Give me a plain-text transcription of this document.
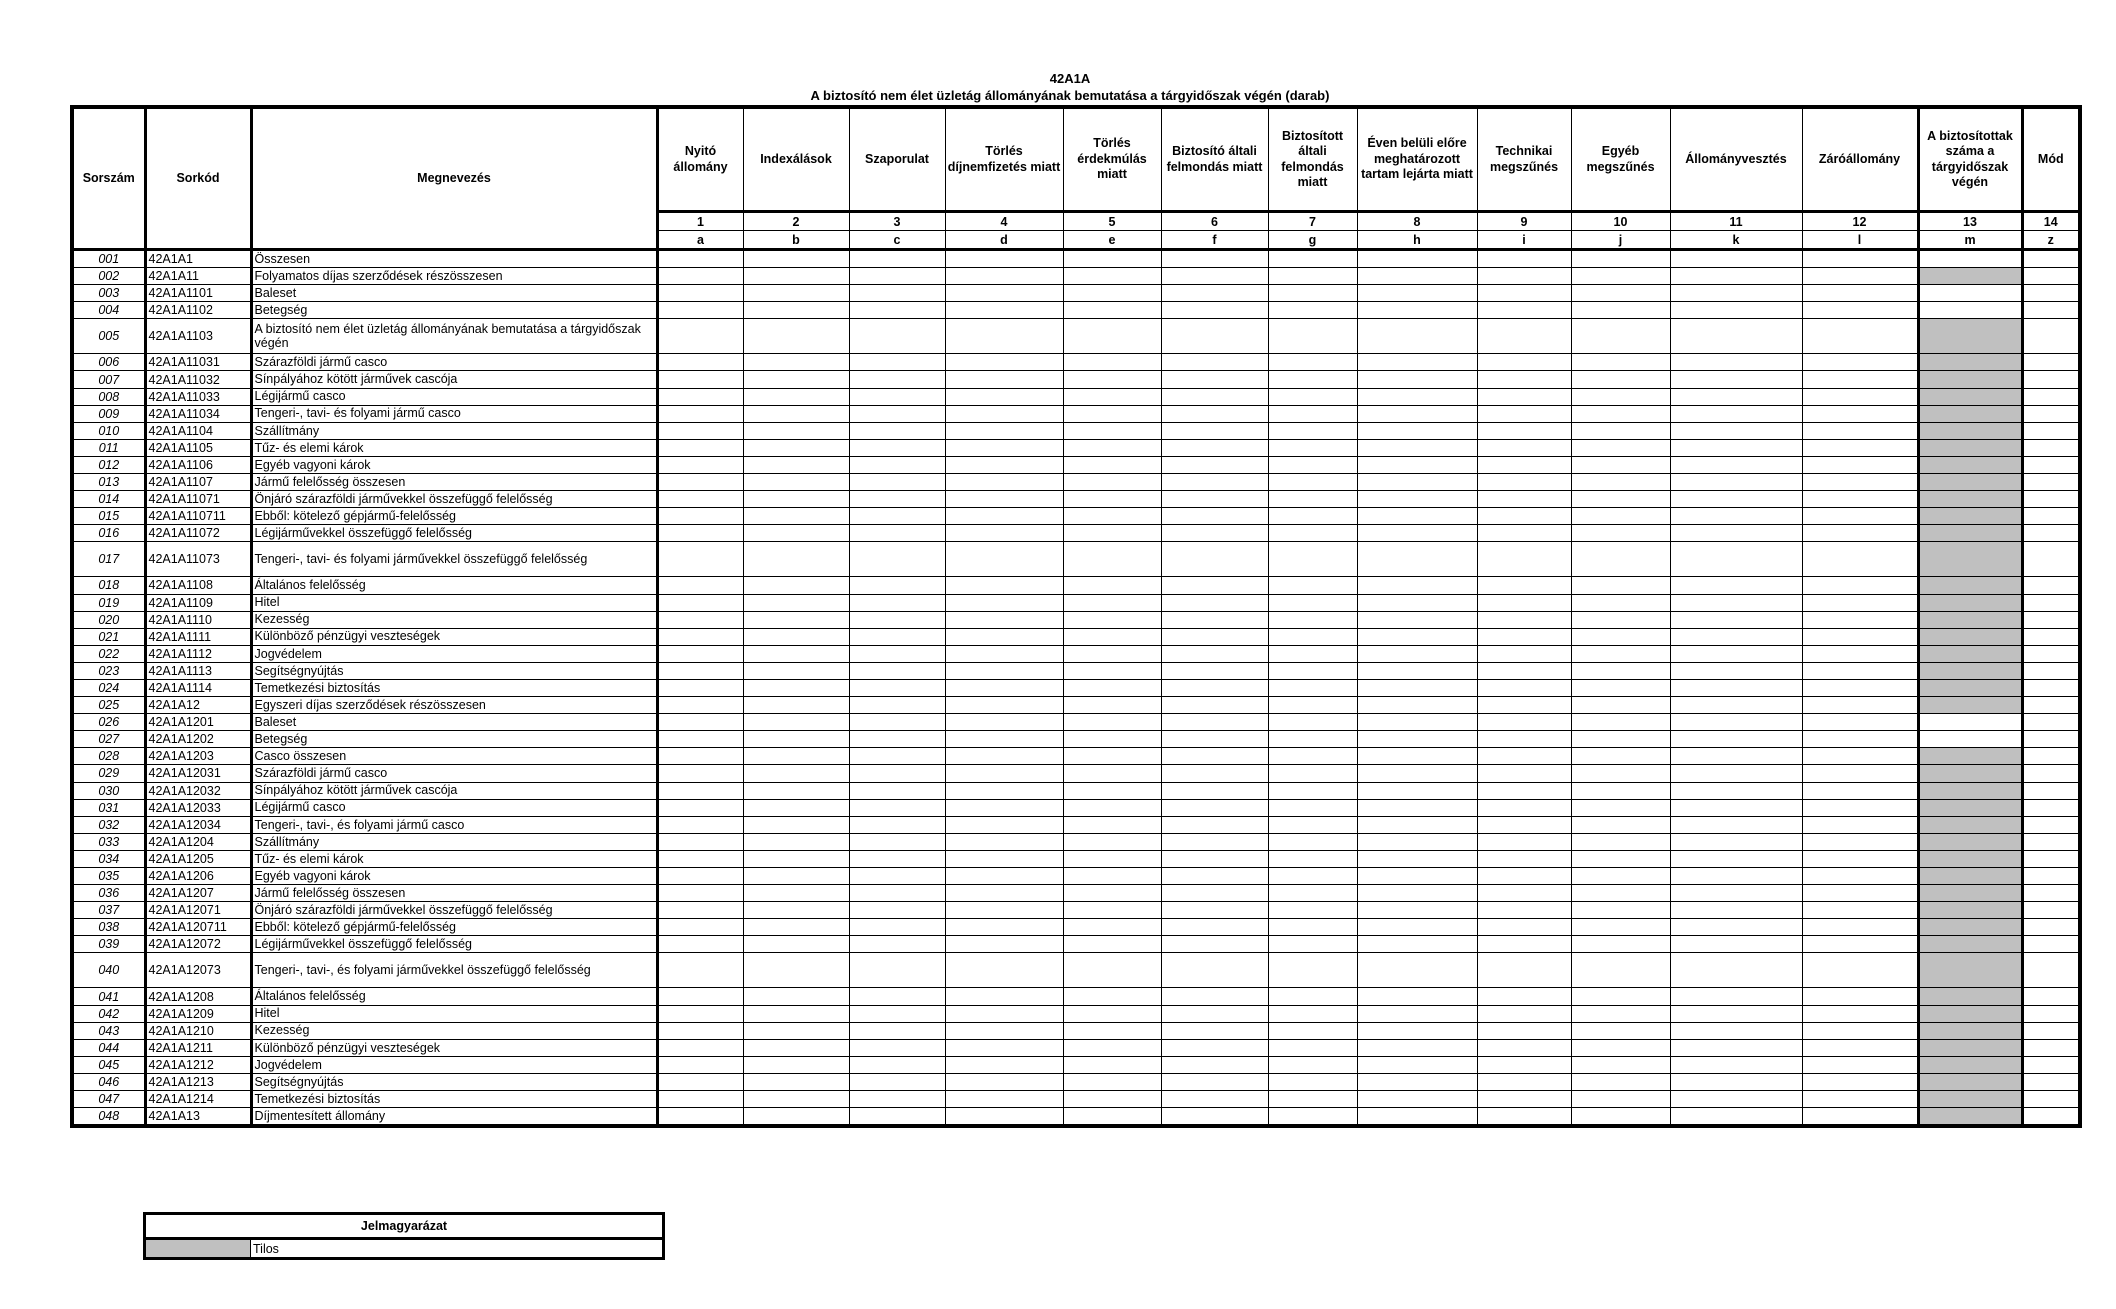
42A1A
A biztosító nem élet üzletág állományának bemutatása a tárgyidőszak végén (darab)
Sorszám	Sorkód	Megnevezés	Nyitó állomány	Indexálások	Szaporulat	Törlés díjnemfizetés miatt	Törlés érdekmúlás miatt	Biztosító általi felmondás miatt	Biztosított általi felmondás miatt	Éven belüli előre meghatározott tartam lejárta miatt	Technikai megszűnés	Egyéb megszűnés	Állományvesztés	Záróállomány	A biztosítottak száma a tárgyidőszak végén	Mód
			1	2	3	4	5	6	7	8	9	10	11	12	13	14
			a	b	c	d	e	f	g	h	i	j	k	l	m	z
001	42A1A1	Összesen														
002	42A1A11	Folyamatos díjas szerződések részösszesen														
003	42A1A1101	Baleset														
004	42A1A1102	Betegség														
005	42A1A1103	A biztosító nem élet üzletág állományának bemutatása a tárgyidőszak végén														
006	42A1A11031	Szárazföldi jármű casco														
007	42A1A11032	Sínpályához kötött járművek cascója														
008	42A1A11033	Légijármű casco														
009	42A1A11034	Tengeri-, tavi- és folyami jármű casco														
010	42A1A1104	Szállítmány														
011	42A1A1105	Tűz- és elemi károk														
012	42A1A1106	Egyéb vagyoni károk														
013	42A1A1107	Jármű felelősség összesen														
014	42A1A11071	Önjáró szárazföldi járművekkel összefüggő felelősség														
015	42A1A110711	Ebből: kötelező gépjármű-felelősség														
016	42A1A11072	Légijárművekkel összefüggő felelősség														
017	42A1A11073	Tengeri-, tavi- és folyami járművekkel összefüggő felelősség														
018	42A1A1108	Általános felelősség														
019	42A1A1109	Hitel														
020	42A1A1110	Kezesség														
021	42A1A1111	Különböző pénzügyi veszteségek														
022	42A1A1112	Jogvédelem														
023	42A1A1113	Segítségnyújtás														
024	42A1A1114	Temetkezési biztosítás														
025	42A1A12	Egyszeri díjas szerződések részösszesen														
026	42A1A1201	Baleset														
027	42A1A1202	Betegség														
028	42A1A1203	Casco összesen														
029	42A1A12031	Szárazföldi jármű casco														
030	42A1A12032	Sínpályához kötött járművek cascója														
031	42A1A12033	Légijármű casco														
032	42A1A12034	Tengeri-, tavi-, és folyami jármű casco														
033	42A1A1204	Szállítmány														
034	42A1A1205	Tűz- és elemi károk														
035	42A1A1206	Egyéb vagyoni károk														
036	42A1A1207	Jármű felelősség összesen														
037	42A1A12071	Önjáró szárazföldi járművekkel összefüggő felelősség														
038	42A1A120711	Ebből: kötelező gépjármű-felelősség														
039	42A1A12072	Légijárművekkel összefüggő felelősség														
040	42A1A12073	Tengeri-, tavi-, és folyami járművekkel összefüggő felelősség														
041	42A1A1208	Általános felelősség														
042	42A1A1209	Hitel														
043	42A1A1210	Kezesség														
044	42A1A1211	Különböző pénzügyi veszteségek														
045	42A1A1212	Jogvédelem														
046	42A1A1213	Segítségnyújtás														
047	42A1A1214	Temetkezési biztosítás														
048	42A1A13	Díjmentesített állomány														
Jelmagyarázat
	Tilos
